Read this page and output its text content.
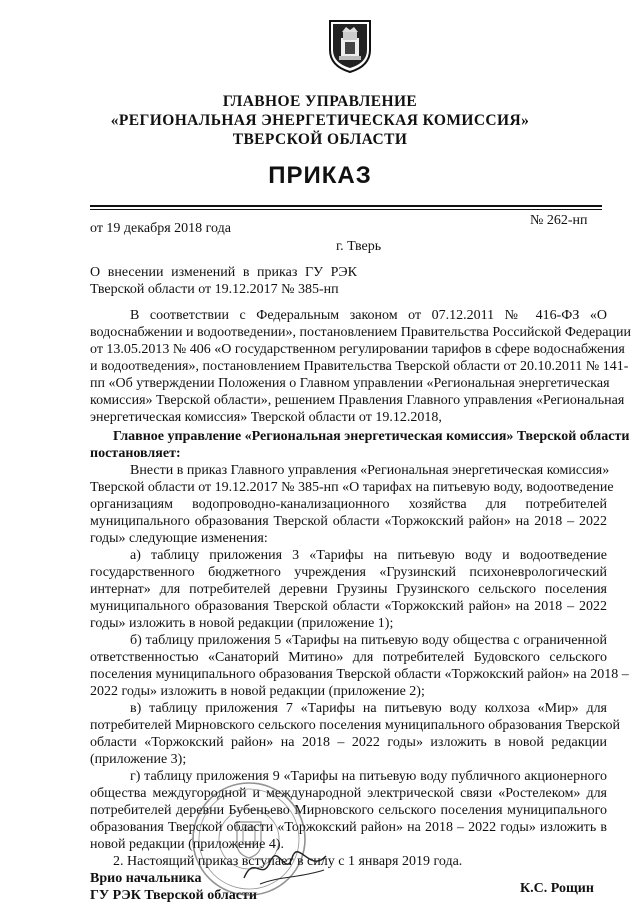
ГЛАВНОЕ УПРАВЛЕНИЕ
«РЕГИОНАЛЬНАЯ ЭНЕРГЕТИЧЕСКАЯ КОМИССИЯ»
ТВЕРСКОЙ ОБЛАСТИ
ПРИКАЗ
от 19 декабря 2018 года
№ 262-нп
г. Тверь
О внесении изменений в приказ ГУ РЭК
Тверской области от 19.12.2017 № 385-нп
В соответствии с Федеральным законом от 07.12.2011 № 416-ФЗ «О
водоснабжении и водоотведении», постановлением Правительства Российской Федерации
от 13.05.2013 № 406 «О государственном регулировании тарифов в сфере водоснабжения
и водоотведения», постановлением Правительства Тверской области от 20.10.2011 № 141-
пп «Об утверждении Положения о Главном управлении «Региональная энергетическая
комиссия» Тверской области», решением Правления Главного управления «Региональная
энергетическая комиссия» Тверской области от 19.12.2018,
Главное управление «Региональная энергетическая комиссия» Тверской области
постановляет:
Внести в приказ Главного управления «Региональная энергетическая комиссия»
Тверской области от 19.12.2017 № 385-нп «О тарифах на питьевую воду, водоотведение
организациям водопроводно-канализационного хозяйства для потребителей
муниципального образования Тверской области «Торжокский район» на 2018 – 2022
годы» следующие изменения:
а) таблицу приложения 3 «Тарифы на питьевую воду и водоотведение
государственного бюджетного учреждения «Грузинский психоневрологический
интернат» для потребителей деревни Грузины Грузинского сельского поселения
муниципального образования Тверской области «Торжокский район» на 2018 – 2022
годы» изложить в новой редакции (приложение 1);
б) таблицу приложения 5 «Тарифы на питьевую воду общества с ограниченной
ответственностью «Санаторий Митино» для потребителей Будовского сельского
поселения муниципального образования Тверской области «Торжокский район» на 2018 –
2022 годы» изложить в новой редакции (приложение 2);
в) таблицу приложения 7 «Тарифы на питьевую воду колхоза «Мир» для
потребителей Мирновского сельского поселения муниципального образования Тверской
области «Торжокский район» на 2018 – 2022 годы» изложить в новой редакции
(приложение 3);
г) таблицу приложения 9 «Тарифы на питьевую воду публичного акционерного
общества междугородной и международной электрической связи «Ростелеком» для
потребителей деревни Бубеньево Мирновского сельского поселения муниципального
образования Тверской области «Торжокский район» на 2018 – 2022 годы» изложить в
новой редакции (приложение 4).
2. Настоящий приказ вступает в силу с 1 января 2019 года.
Врио начальника
ГУ РЭК Тверской области	К.С. Рощин
